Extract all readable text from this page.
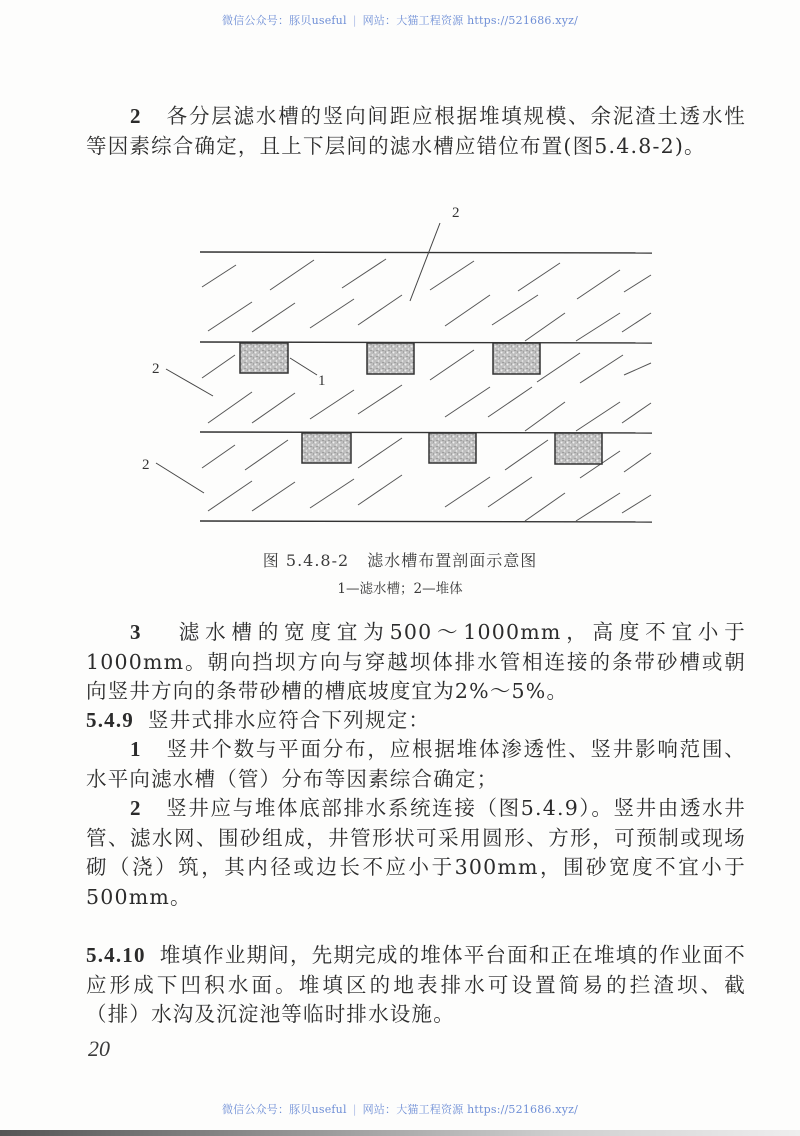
微信公众号：豚贝useful | 网站：大猫工程资源 https://521686.xyz/
2 各分层滤水槽的竖向间距应根据堆填规模、余泥渣土透水性等因素综合确定，且上下层间的滤水槽应错位布置(图5.4.8-2)。
2
1
2
2
图 5.4.8-2 滤水槽布置剖面示意图
1—滤水槽；2—堆体
3 滤水槽的宽度宜为500～1000mm，高度不宜小于1000mm。朝向挡坝方向与穿越坝体排水管相连接的条带砂槽或朝向竖井方向的条带砂槽的槽底坡度宜为2%～5%。
5.4.9 竖井式排水应符合下列规定：
1 竖井个数与平面分布，应根据堆体渗透性、竖井影响范围、水平向滤水槽（管）分布等因素综合确定；
2 竖井应与堆体底部排水系统连接（图5.4.9）。竖井由透水井管、滤水网、围砂组成，井管形状可采用圆形、方形，可预制或现场砌（浇）筑，其内径或边长不应小于300mm，围砂宽度不宜小于500mm。
5.4.10 堆填作业期间，先期完成的堆体平台面和正在堆填的作业面不应形成下凹积水面。堆填区的地表排水可设置简易的拦渣坝、截（排）水沟及沉淀池等临时排水设施。
20
微信公众号：豚贝useful | 网站：大猫工程资源 https://521686.xyz/
